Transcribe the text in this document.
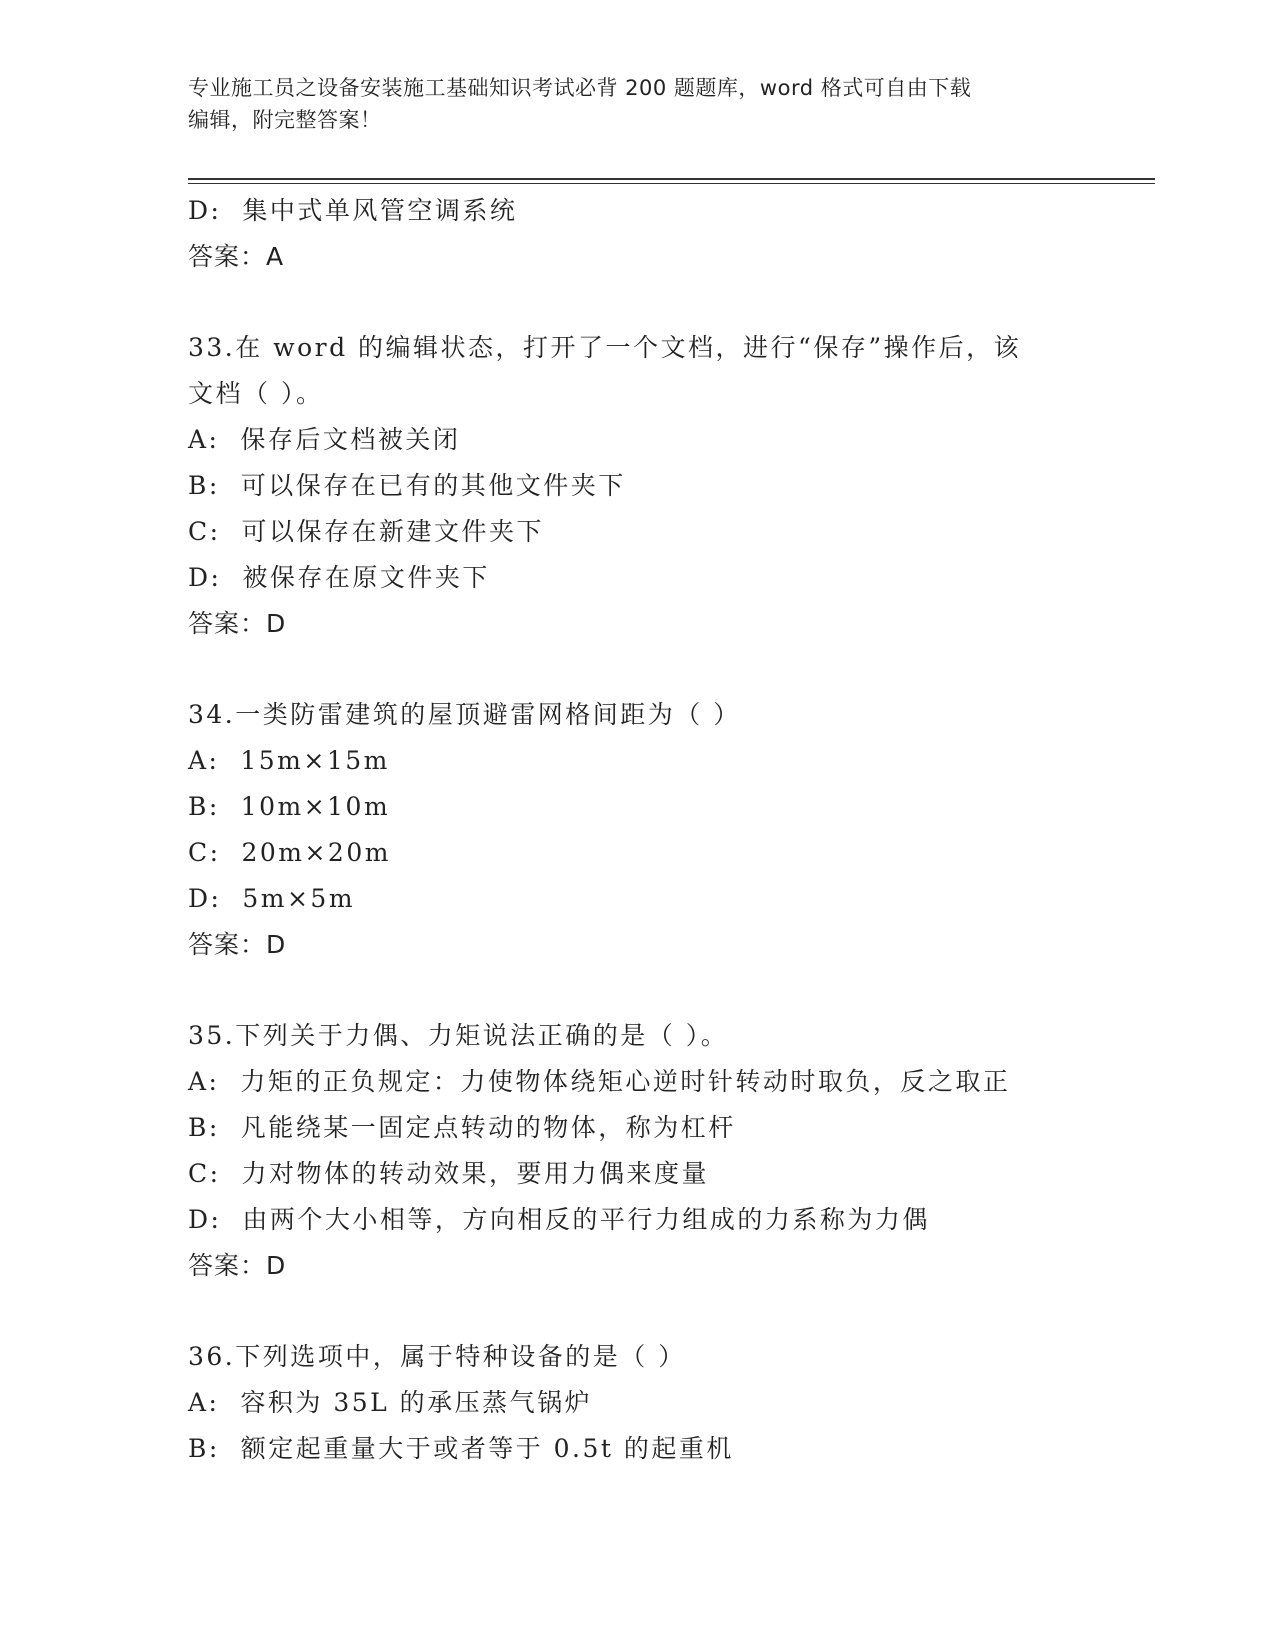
专业施工员之设备安装施工基础知识考试必背 200 题题库，word 格式可自由下载
编辑，附完整答案！
D:  集中式单风管空调系统
答案：A
33.在 word 的编辑状态，打开了一个文档，进行“保存”操作后，该
文档（ ）。
A:  保存后文档被关闭
B:  可以保存在已有的其他文件夹下
C:  可以保存在新建文件夹下
D:  被保存在原文件夹下
答案：D
34.一类防雷建筑的屋顶避雷网格间距为（ ）
A:  15m×15m
B:  10m×10m
C:  20m×20m
D:  5m×5m
答案：D
35.下列关于力偶、力矩说法正确的是（ ）。
A:  力矩的正负规定：力使物体绕矩心逆时针转动时取负，反之取正
B:  凡能绕某一固定点转动的物体，称为杠杆
C:  力对物体的转动效果，要用力偶来度量
D:  由两个大小相等，方向相反的平行力组成的力系称为力偶
答案：D
36.下列选项中，属于特种设备的是（ ）
A:  容积为 35L 的承压蒸气锅炉
B:  额定起重量大于或者等于 0.5t 的起重机
